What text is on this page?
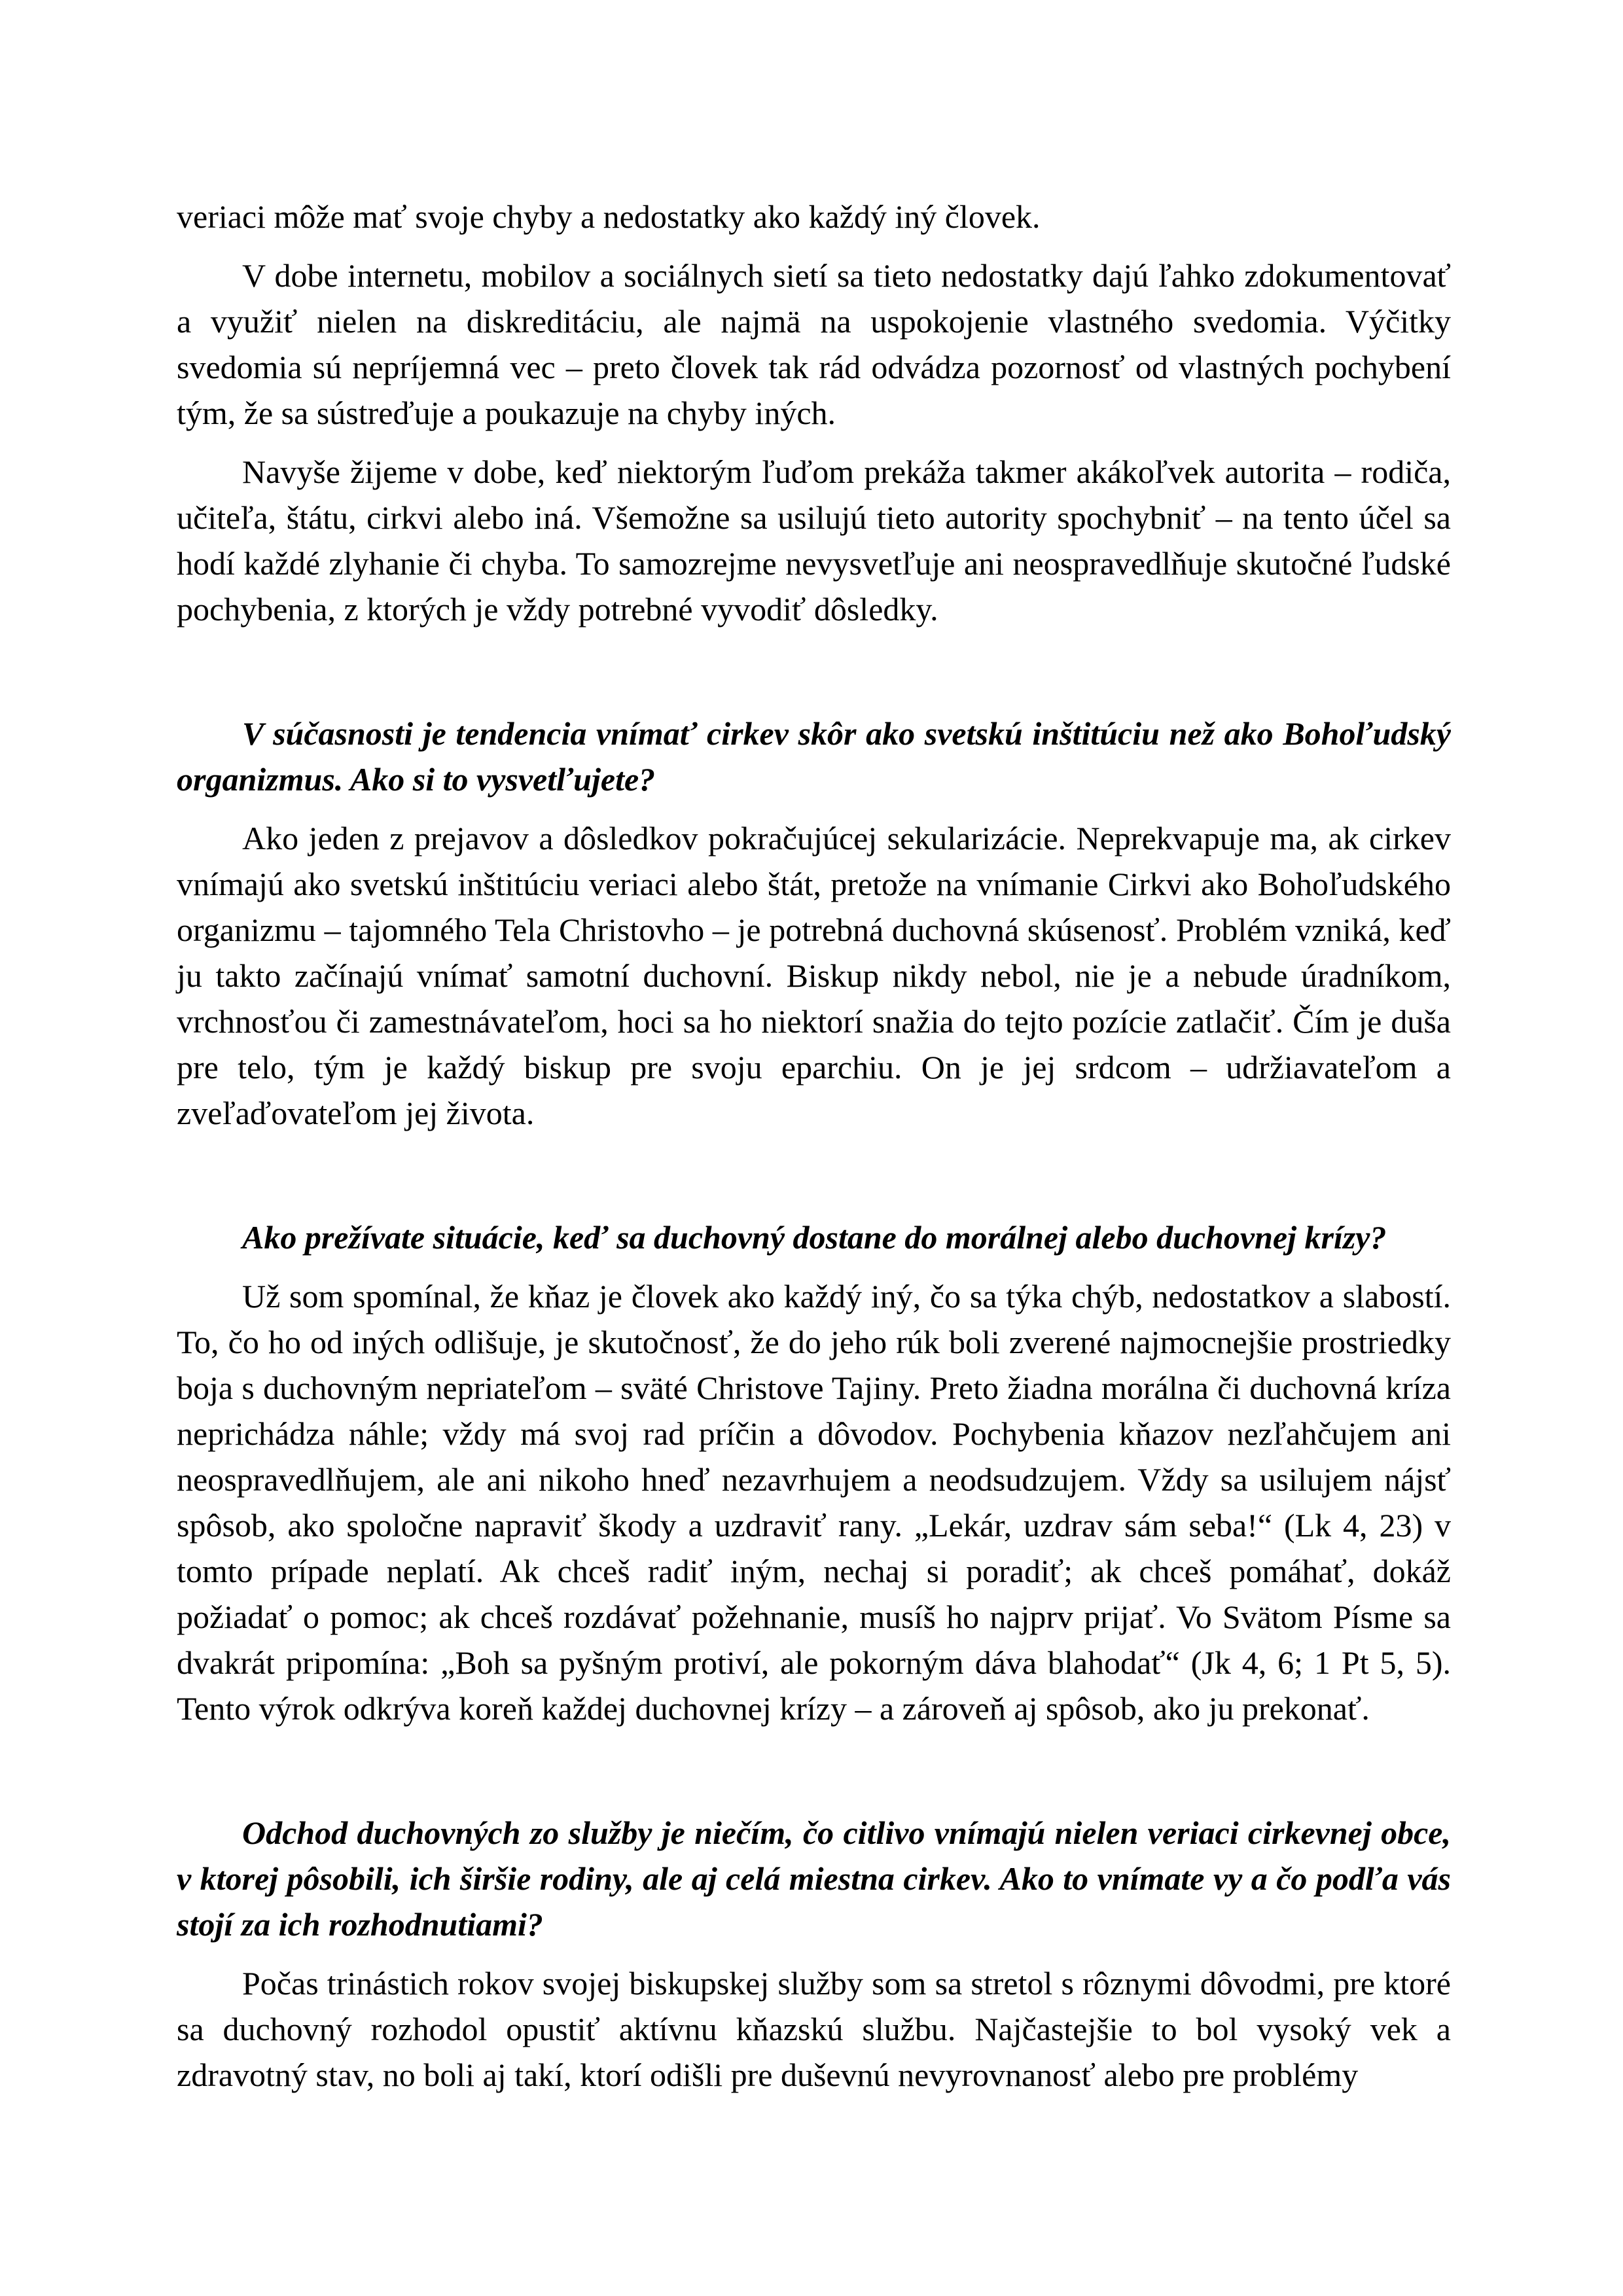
veriaci môže mať svoje chyby a nedostatky ako každý iný človek.

V dobe internetu, mobilov a sociálnych sietí sa tieto nedostatky dajú ľahko zdokumentovať a využiť nielen na diskreditáciu, ale najmä na uspokojenie vlastného svedomia. Výčitky svedomia sú nepríjemná vec – preto človek tak rád odvádza pozornosť od vlastných pochybení tým, že sa sústreďuje a poukazuje na chyby iných.

Navyše žijeme v dobe, keď niektorým ľuďom prekáža takmer akákoľvek autorita – rodiča, učiteľa, štátu, cirkvi alebo iná. Všemožne sa usilujú tieto autority spochybniť – na tento účel sa hodí každé zlyhanie či chyba. To samozrejme nevysvetľuje ani neospravedlňuje skutočné ľudské pochybenia, z ktorých je vždy potrebné vyvodiť dôsledky.

V súčasnosti je tendencia vnímať cirkev skôr ako svetskú inštitúciu než ako Bohoľudský organizmus. Ako si to vysvetľujete?

Ako jeden z prejavov a dôsledkov pokračujúcej sekularizácie. Neprekvapuje ma, ak cirkev vnímajú ako svetskú inštitúciu veriaci alebo štát, pretože na vnímanie Cirkvi ako Bohoľudského organizmu – tajomného Tela Christovho – je potrebná duchovná skúsenosť. Problém vzniká, keď ju takto začínajú vnímať samotní duchovní. Biskup nikdy nebol, nie je a nebude úradníkom, vrchnosťou či zamestnávateľom, hoci sa ho niektorí snažia do tejto pozície zatlačiť. Čím je duša pre telo, tým je každý biskup pre svoju eparchiu. On je jej srdcom – udržiavateľom a zveľaďovateľom jej života.

Ako prežívate situácie, keď sa duchovný dostane do morálnej alebo duchovnej krízy?

Už som spomínal, že kňaz je človek ako každý iný, čo sa týka chýb, nedostatkov a slabostí. To, čo ho od iných odlišuje, je skutočnosť, že do jeho rúk boli zverené najmocnejšie prostriedky boja s duchovným nepriateľom – sväté Christove Tajiny. Preto žiadna morálna či duchovná kríza neprichádza náhle; vždy má svoj rad príčin a dôvodov. Pochybenia kňazov nezľahčujem ani neospravedlňujem, ale ani nikoho hneď nezavrhujem a neodsudzujem. Vždy sa usilujem nájsť spôsob, ako spoločne napraviť škody a uzdraviť rany. „Lekár, uzdrav sám seba!“ (Lk 4, 23) v tomto prípade neplatí. Ak chceš radiť iným, nechaj si poradiť; ak chceš pomáhať, dokáž požiadať o pomoc; ak chceš rozdávať požehnanie, musíš ho najprv prijať. Vo Svätom Písme sa dvakrát pripomína: „Boh sa pyšným protiví, ale pokorným dáva blahodať“ (Jk 4, 6; 1 Pt 5, 5). Tento výrok odkrýva koreň každej duchovnej krízy – a zároveň aj spôsob, ako ju prekonať.

Odchod duchovných zo služby je niečím, čo citlivo vnímajú nielen veriaci cirkevnej obce, v ktorej pôsobili, ich širšie rodiny, ale aj celá miestna cirkev. Ako to vnímate vy a čo podľa vás stojí za ich rozhodnutiami?

Počas trinástich rokov svojej biskupskej služby som sa stretol s rôznymi dôvodmi, pre ktoré sa duchovný rozhodol opustiť aktívnu kňazskú službu. Najčastejšie to bol vysoký vek a zdravotný stav, no boli aj takí, ktorí odišli pre duševnú nevyrovnanosť alebo pre problémy
